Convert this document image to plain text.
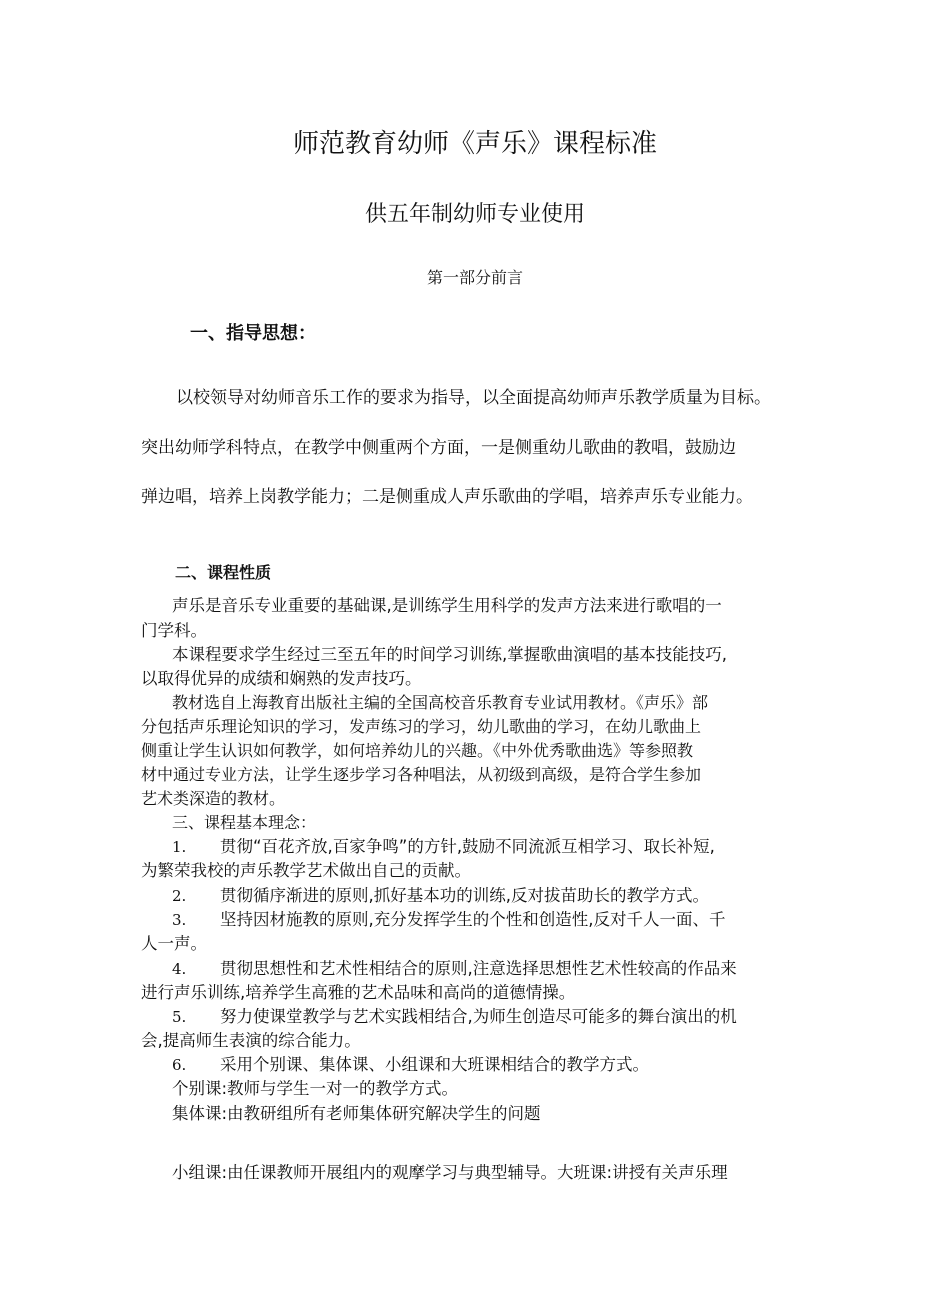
师范教育幼师《声乐》课程标准
供五年制幼师专业使用
第一部分前言
一、指导思想：
以校领导对幼师音乐工作的要求为指导，以全面提高幼师声乐教学质量为目标。
突出幼师学科特点，在教学中侧重两个方面，一是侧重幼儿歌曲的教唱，鼓励边
弹边唱，培养上岗教学能力；二是侧重成人声乐歌曲的学唱，培养声乐专业能力。
二、课程性质
声乐是音乐专业重要的基础课,是训练学生用科学的发声方法来进行歌唱的一
门学科。
本课程要求学生经过三至五年的时间学习训练,掌握歌曲演唱的基本技能技巧,
以取得优异的成绩和娴熟的发声技巧。
教材选自上海教育出版社主编的全国高校音乐教育专业试用教材。《声乐》部
分包括声乐理论知识的学习，发声练习的学习，幼儿歌曲的学习，在幼儿歌曲上
侧重让学生认识如何教学，如何培养幼儿的兴趣。《中外优秀歌曲选》等参照教
材中通过专业方法，让学生逐步学习各种唱法，从初级到高级，是符合学生参加
艺术类深造的教材。
三、课程基本理念：
1. 贯彻“百花齐放,百家争鸣”的方针,鼓励不同流派互相学习、取长补短,
为繁荣我校的声乐教学艺术做出自己的贡献。
2. 贯彻循序渐进的原则,抓好基本功的训练,反对拔苗助长的教学方式。
3. 坚持因材施教的原则,充分发挥学生的个性和创造性,反对千人一面、千
人一声。
4. 贯彻思想性和艺术性相结合的原则,注意选择思想性艺术性较高的作品来
进行声乐训练,培养学生高雅的艺术品味和高尚的道德情操。
5. 努力使课堂教学与艺术实践相结合,为师生创造尽可能多的舞台演出的机
会,提高师生表演的综合能力。
6. 采用个别课、集体课、小组课和大班课相结合的教学方式。
个别课:教师与学生一对一的教学方式。
集体课:由教研组所有老师集体研究解决学生的问题
小组课:由任课教师开展组内的观摩学习与典型辅导。大班课:讲授有关声乐理
